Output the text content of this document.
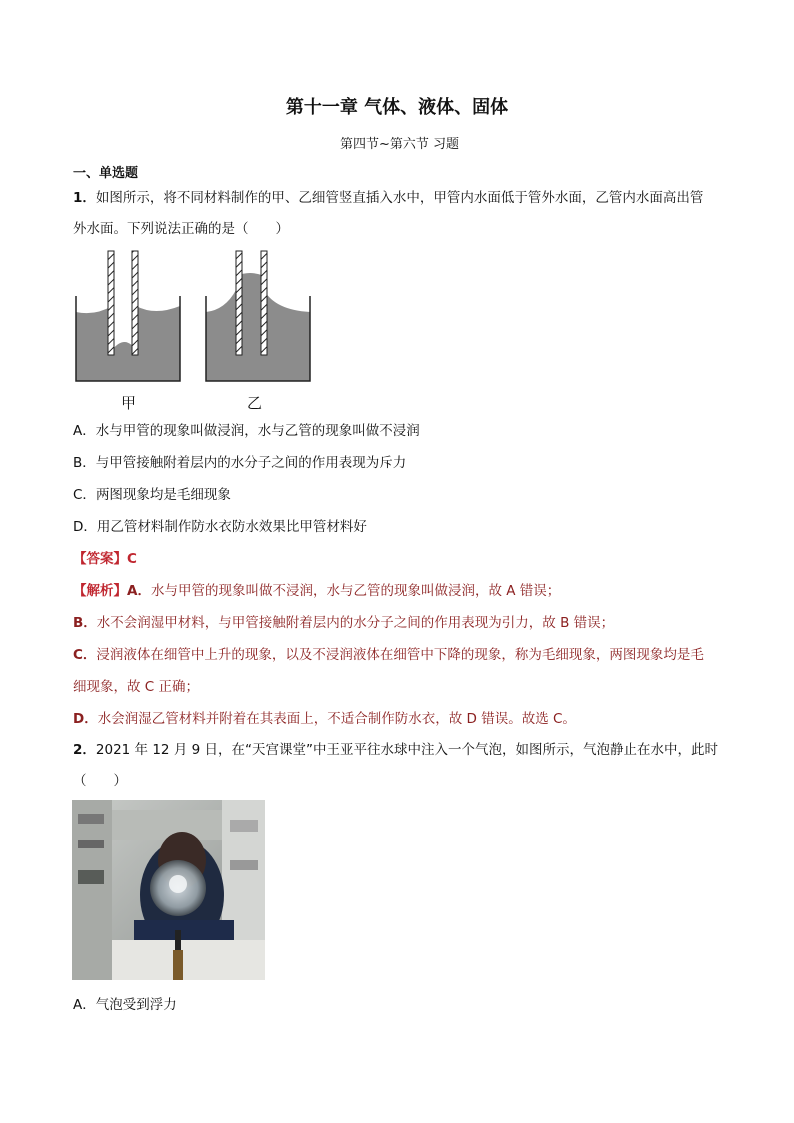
第十一章 气体、液体、固体
第四节~第六节 习题
一、单选题
1．如图所示，将不同材料制作的甲、乙细管竖直插入水中，甲管内水面低于管外水面，乙管内水面高出管
外水面。下列说法正确的是（　　）
甲	乙
A．水与甲管的现象叫做浸润，水与乙管的现象叫做不浸润
B．与甲管接触附着层内的水分子之间的作用表现为斥力
C．两图现象均是毛细现象
D．用乙管材料制作防水衣防水效果比甲管材料好
【答案】C
【解析】A．水与甲管的现象叫做不浸润，水与乙管的现象叫做浸润，故 A 错误；
B．水不会润湿甲材料，与甲管接触附着层内的水分子之间的作用表现为引力，故 B 错误；
C．浸润液体在细管中上升的现象，以及不浸润液体在细管中下降的现象，称为毛细现象，两图现象均是毛
细现象，故 C 正确；
D．水会润湿乙管材料并附着在其表面上，不适合制作防水衣，故 D 错误。故选 C。
2．2021 年 12 月 9 日，在“天宫课堂”中王亚平往水球中注入一个气泡，如图所示，气泡静止在水中，此时
（　　）
A．气泡受到浮力
